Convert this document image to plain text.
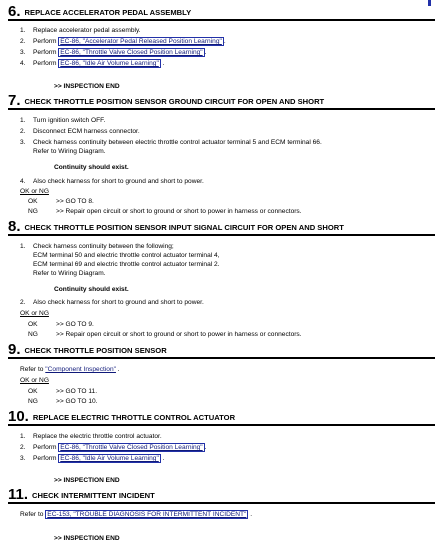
6. REPLACE ACCELERATOR PEDAL ASSEMBLY
1. Replace accelerator pedal assembly.
2. Perform EC-86, "Accelerator Pedal Released Position Learning" .
3. Perform EC-86, "Throttle Valve Closed Position Learning" .
4. Perform EC-86, "Idle Air Volume Learning" .
>> INSPECTION END
7. CHECK THROTTLE POSITION SENSOR GROUND CIRCUIT FOR OPEN AND SHORT
1. Turn ignition switch OFF.
2. Disconnect ECM harness connector.
3. Check harness continuity between electric throttle control actuator terminal 5 and ECM terminal 66.
Refer to Wiring Diagram.
Continuity should exist.
4. Also check harness for short to ground and short to power.
OK or NG
OK	>> GO TO 8.
NG	>> Repair open circuit or short to ground or short to power in harness or connectors.
8. CHECK THROTTLE POSITION SENSOR INPUT SIGNAL CIRCUIT FOR OPEN AND SHORT
1. Check harness continuity between the following;
ECM terminal 50 and electric throttle control actuator terminal 4,
ECM terminal 69 and electric throttle control actuator terminal 2.
Refer to Wiring Diagram.
Continuity should exist.
2. Also check harness for short to ground and short to power.
OK or NG
OK	>> GO TO 9.
NG	>> Repair open circuit or short to ground or short to power in harness or connectors.
9. CHECK THROTTLE POSITION SENSOR
Refer to "Component Inspection" .
OK or NG
OK	>> GO TO 11.
NG	>> GO TO 10.
10. REPLACE ELECTRIC THROTTLE CONTROL ACTUATOR
1. Replace the electric throttle control actuator.
2. Perform EC-86, "Throttle Valve Closed Position Learning" .
3. Perform EC-86, "Idle Air Volume Learning" .
>> INSPECTION END
11. CHECK INTERMITTENT INCIDENT
Refer to EC-153, "TROUBLE DIAGNOSIS FOR INTERMITTENT INCIDENT" .
>> INSPECTION END
